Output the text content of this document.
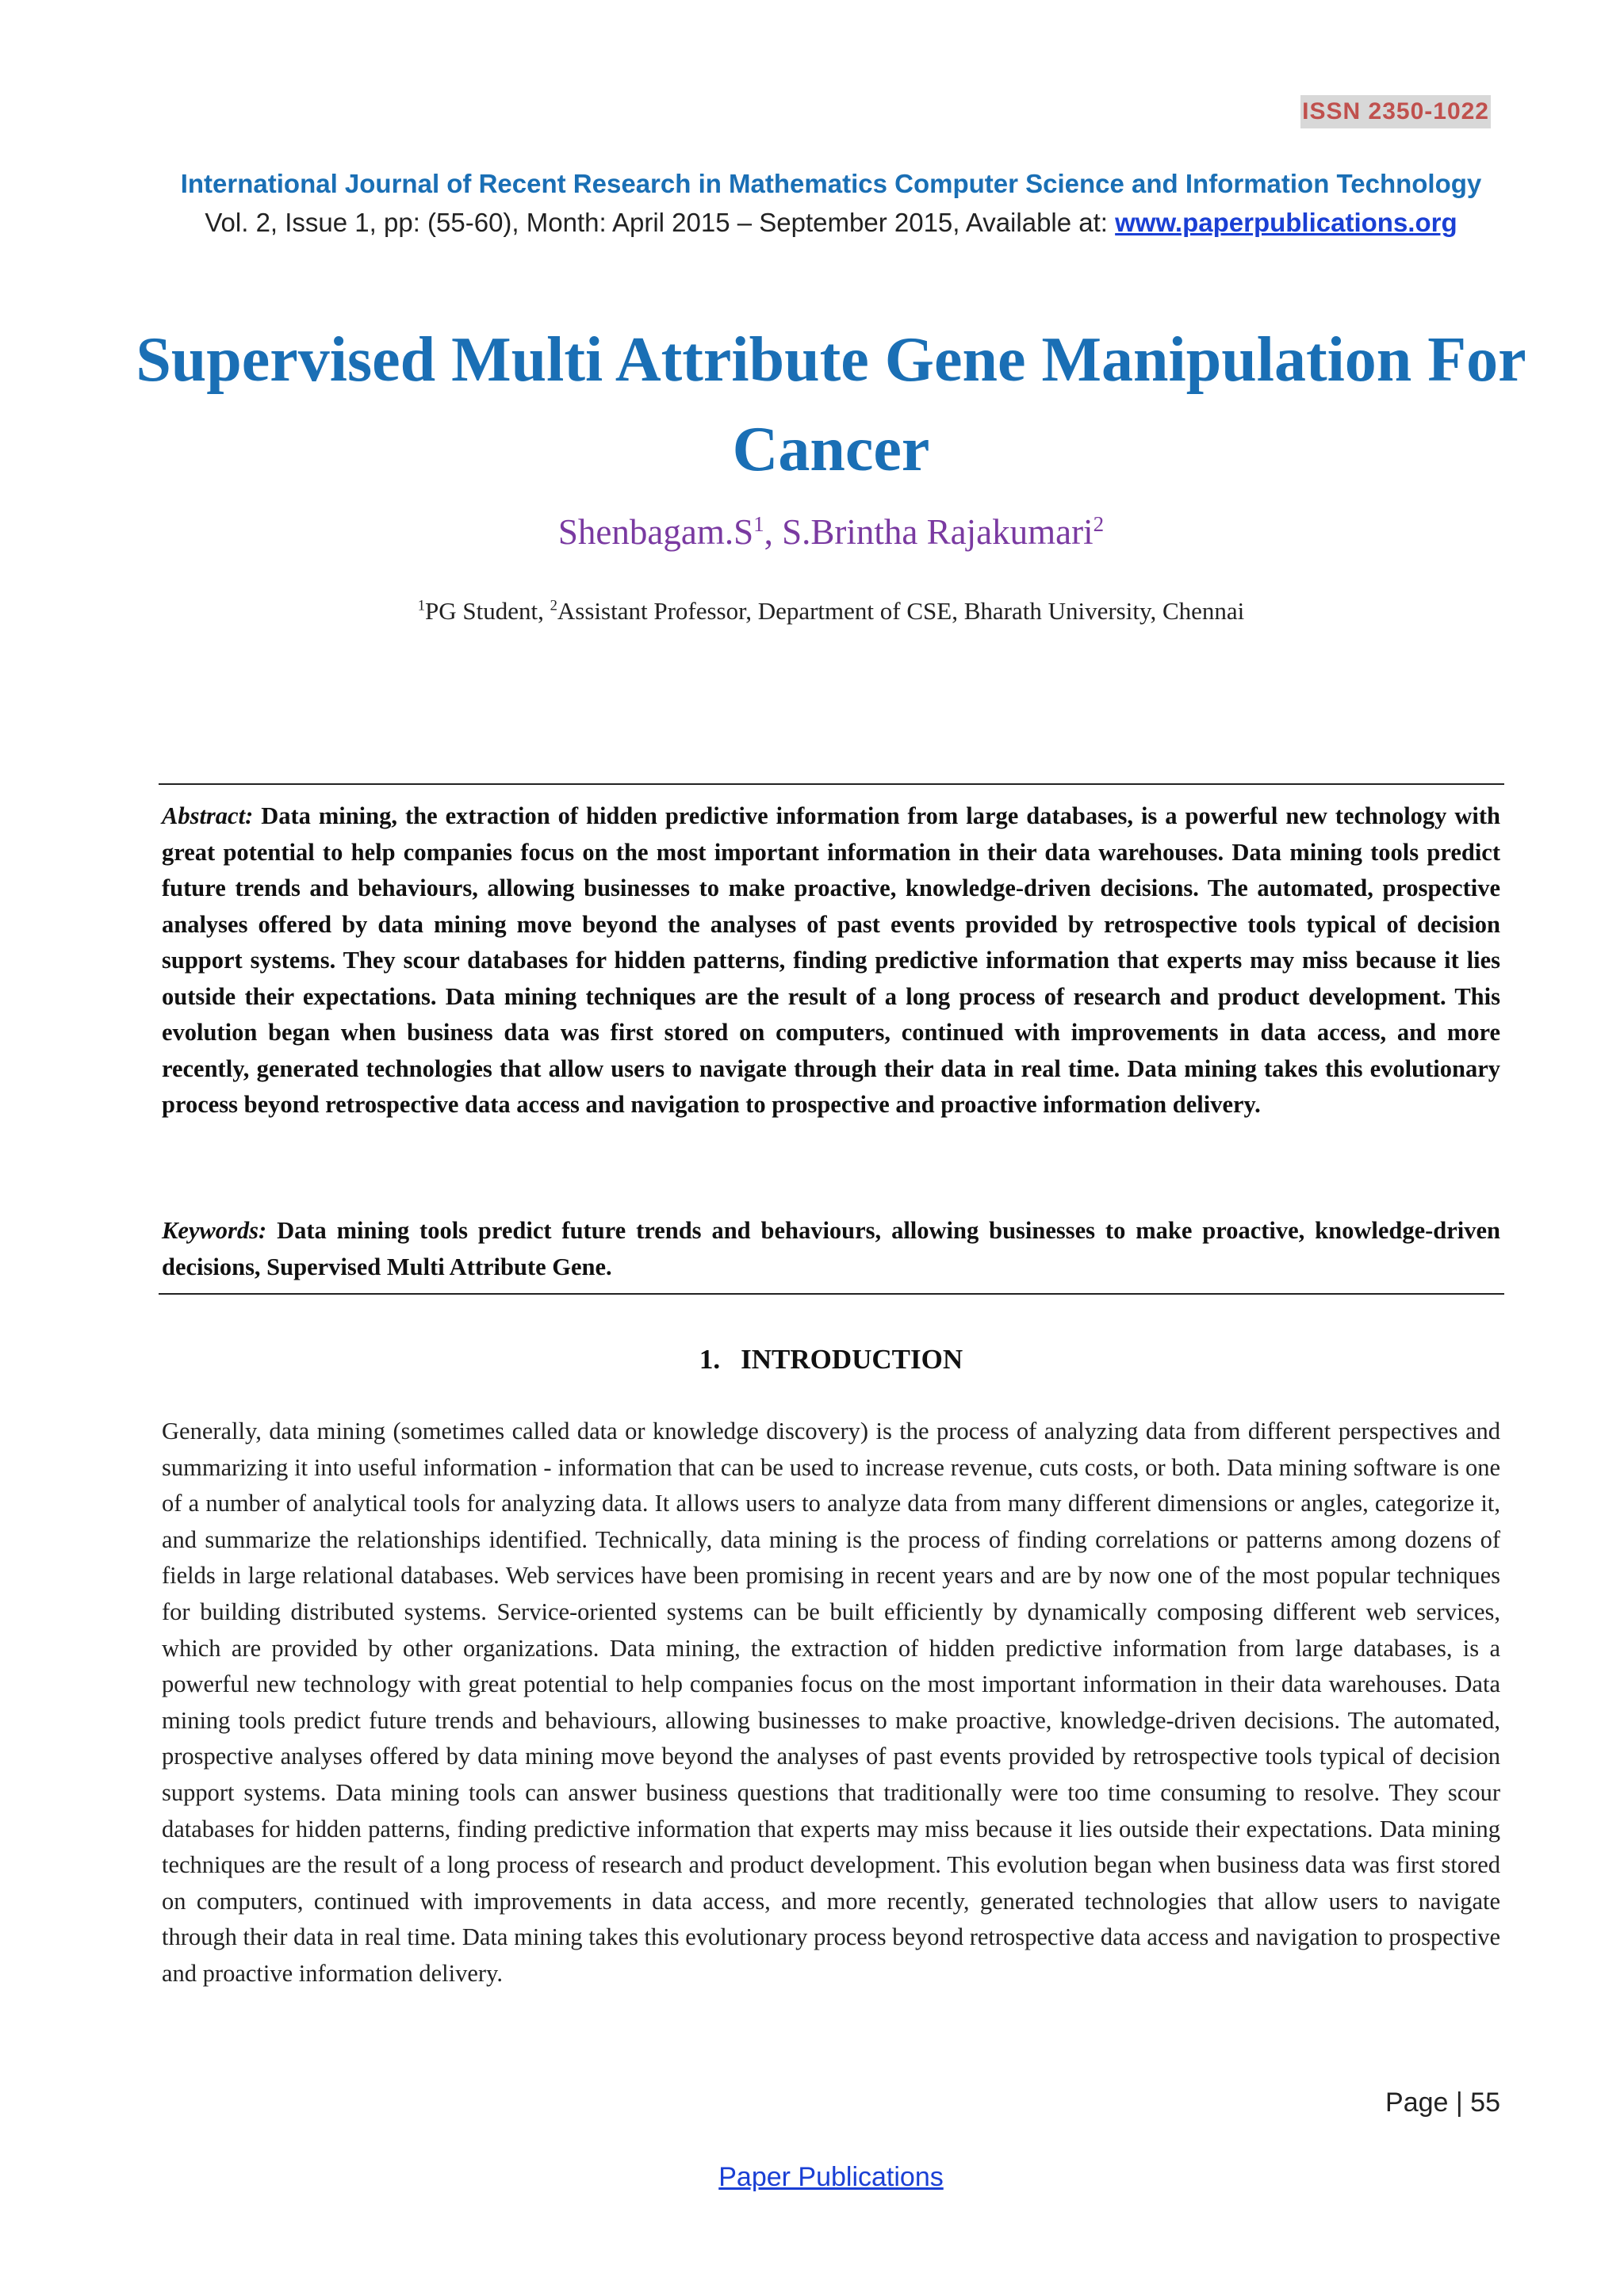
ISSN 2350-1022
International Journal of Recent Research in Mathematics Computer Science and Information Technology
Vol. 2, Issue 1, pp: (55-60), Month: April 2015 – September 2015, Available at: www.paperpublications.org
Supervised Multi Attribute Gene Manipulation For Cancer
$Shenbagam.S^1$, S.Brintha Rajakumari$^2$
$^1$PG Student, $^2$Assistant Professor, Department of CSE, Bharath University, Chennai
Abstract: Data mining, the extraction of hidden predictive information from large databases, is a powerful new technology with great potential to help companies focus on the most important information in their data warehouses. Data mining tools predict future trends and behaviours, allowing businesses to make proactive, knowledge-driven decisions. The automated, prospective analyses offered by data mining move beyond the analyses of past events provided by retrospective tools typical of decision support systems. They scour databases for hidden patterns, finding predictive information that experts may miss because it lies outside their expectations. Data mining techniques are the result of a long process of research and product development. This evolution began when business data was first stored on computers, continued with improvements in data access, and more recently, generated technologies that allow users to navigate through their data in real time. Data mining takes this evolutionary process beyond retrospective data access and navigation to prospective and proactive information delivery.
Keywords: Data mining tools predict future trends and behaviours, allowing businesses to make proactive, knowledge-driven decisions, Supervised Multi Attribute Gene.
1. INTRODUCTION
Generally, data mining (sometimes called data or knowledge discovery) is the process of analyzing data from different perspectives and summarizing it into useful information - information that can be used to increase revenue, cuts costs, or both. Data mining software is one of a number of analytical tools for analyzing data. It allows users to analyze data from many different dimensions or angles, categorize it, and summarize the relationships identified. Technically, data mining is the process of finding correlations or patterns among dozens of fields in large relational databases. Web services have been promising in recent years and are by now one of the most popular techniques for building distributed systems. Service-oriented systems can be built efficiently by dynamically composing different web services, which are provided by other organizations. Data mining, the extraction of hidden predictive information from large databases, is a powerful new technology with great potential to help companies focus on the most important information in their data warehouses. Data mining tools predict future trends and behaviours, allowing businesses to make proactive, knowledge-driven decisions. The automated, prospective analyses offered by data mining move beyond the analyses of past events provided by retrospective tools typical of decision support systems. Data mining tools can answer business questions that traditionally were too time consuming to resolve. They scour databases for hidden patterns, finding predictive information that experts may miss because it lies outside their expectations. Data mining techniques are the result of a long process of research and product development. This evolution began when business data was first stored on computers, continued with improvements in data access, and more recently, generated technologies that allow users to navigate through their data in real time. Data mining takes this evolutionary process beyond retrospective data access and navigation to prospective and proactive information delivery.
Page | 55
Paper Publications
